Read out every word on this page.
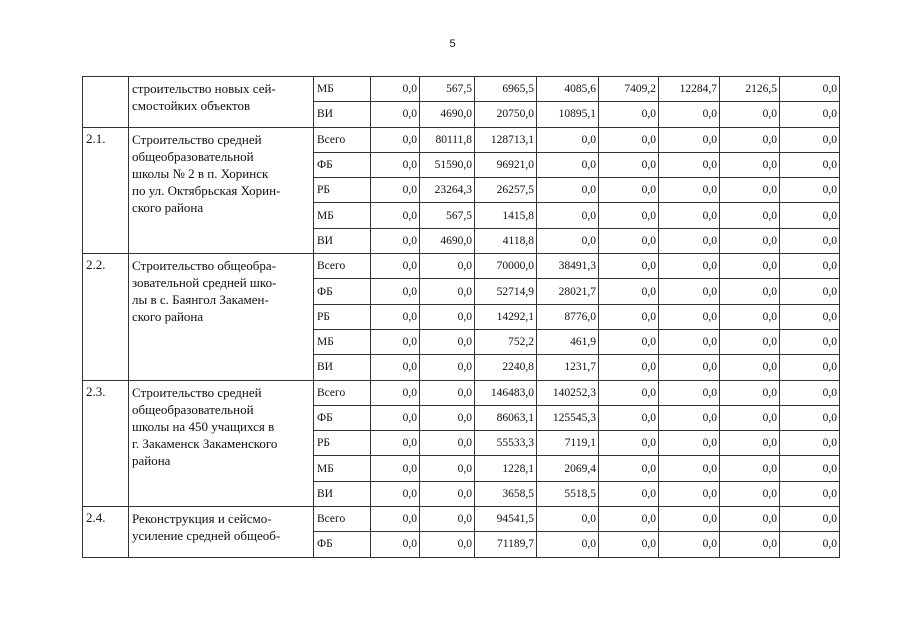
5

	строительство новых сей-
смостойких объектов	МБ	0,0	567,5	6965,5	4085,6	7409,2	12284,7	2126,5	0,0
		ВИ	0,0	4690,0	20750,0	10895,1	0,0	0,0	0,0	0,0
2.1.	Строительство средней
общеобразовательной
школы № 2 в п. Хоринск
по ул. Октябрьская Хорин-
ского района	Всего	0,0	80111,8	128713,1	0,0	0,0	0,0	0,0	0,0
		ФБ	0,0	51590,0	96921,0	0,0	0,0	0,0	0,0	0,0
		РБ	0,0	23264,3	26257,5	0,0	0,0	0,0	0,0	0,0
		МБ	0,0	567,5	1415,8	0,0	0,0	0,0	0,0	0,0
		ВИ	0,0	4690,0	4118,8	0,0	0,0	0,0	0,0	0,0
2.2.	Строительство общеобра-
зовательной средней шко-
лы в с. Баянгол Закамен-
ского района	Всего	0,0	0,0	70000,0	38491,3	0,0	0,0	0,0	0,0
		ФБ	0,0	0,0	52714,9	28021,7	0,0	0,0	0,0	0,0
		РБ	0,0	0,0	14292,1	8776,0	0,0	0,0	0,0	0,0
		МБ	0,0	0,0	752,2	461,9	0,0	0,0	0,0	0,0
		ВИ	0,0	0,0	2240,8	1231,7	0,0	0,0	0,0	0,0
2.3.	Строительство средней
общеобразовательной
школы на 450 учащихся в
г. Закаменск Закаменского
района	Всего	0,0	0,0	146483,0	140252,3	0,0	0,0	0,0	0,0
		ФБ	0,0	0,0	86063,1	125545,3	0,0	0,0	0,0	0,0
		РБ	0,0	0,0	55533,3	7119,1	0,0	0,0	0,0	0,0
		МБ	0,0	0,0	1228,1	2069,4	0,0	0,0	0,0	0,0
		ВИ	0,0	0,0	3658,5	5518,5	0,0	0,0	0,0	0,0
2.4.	Реконструкция и сейсмо-
усиление средней общеоб-	Всего	0,0	0,0	94541,5	0,0	0,0	0,0	0,0	0,0
		ФБ	0,0	0,0	71189,7	0,0	0,0	0,0	0,0	0,0
